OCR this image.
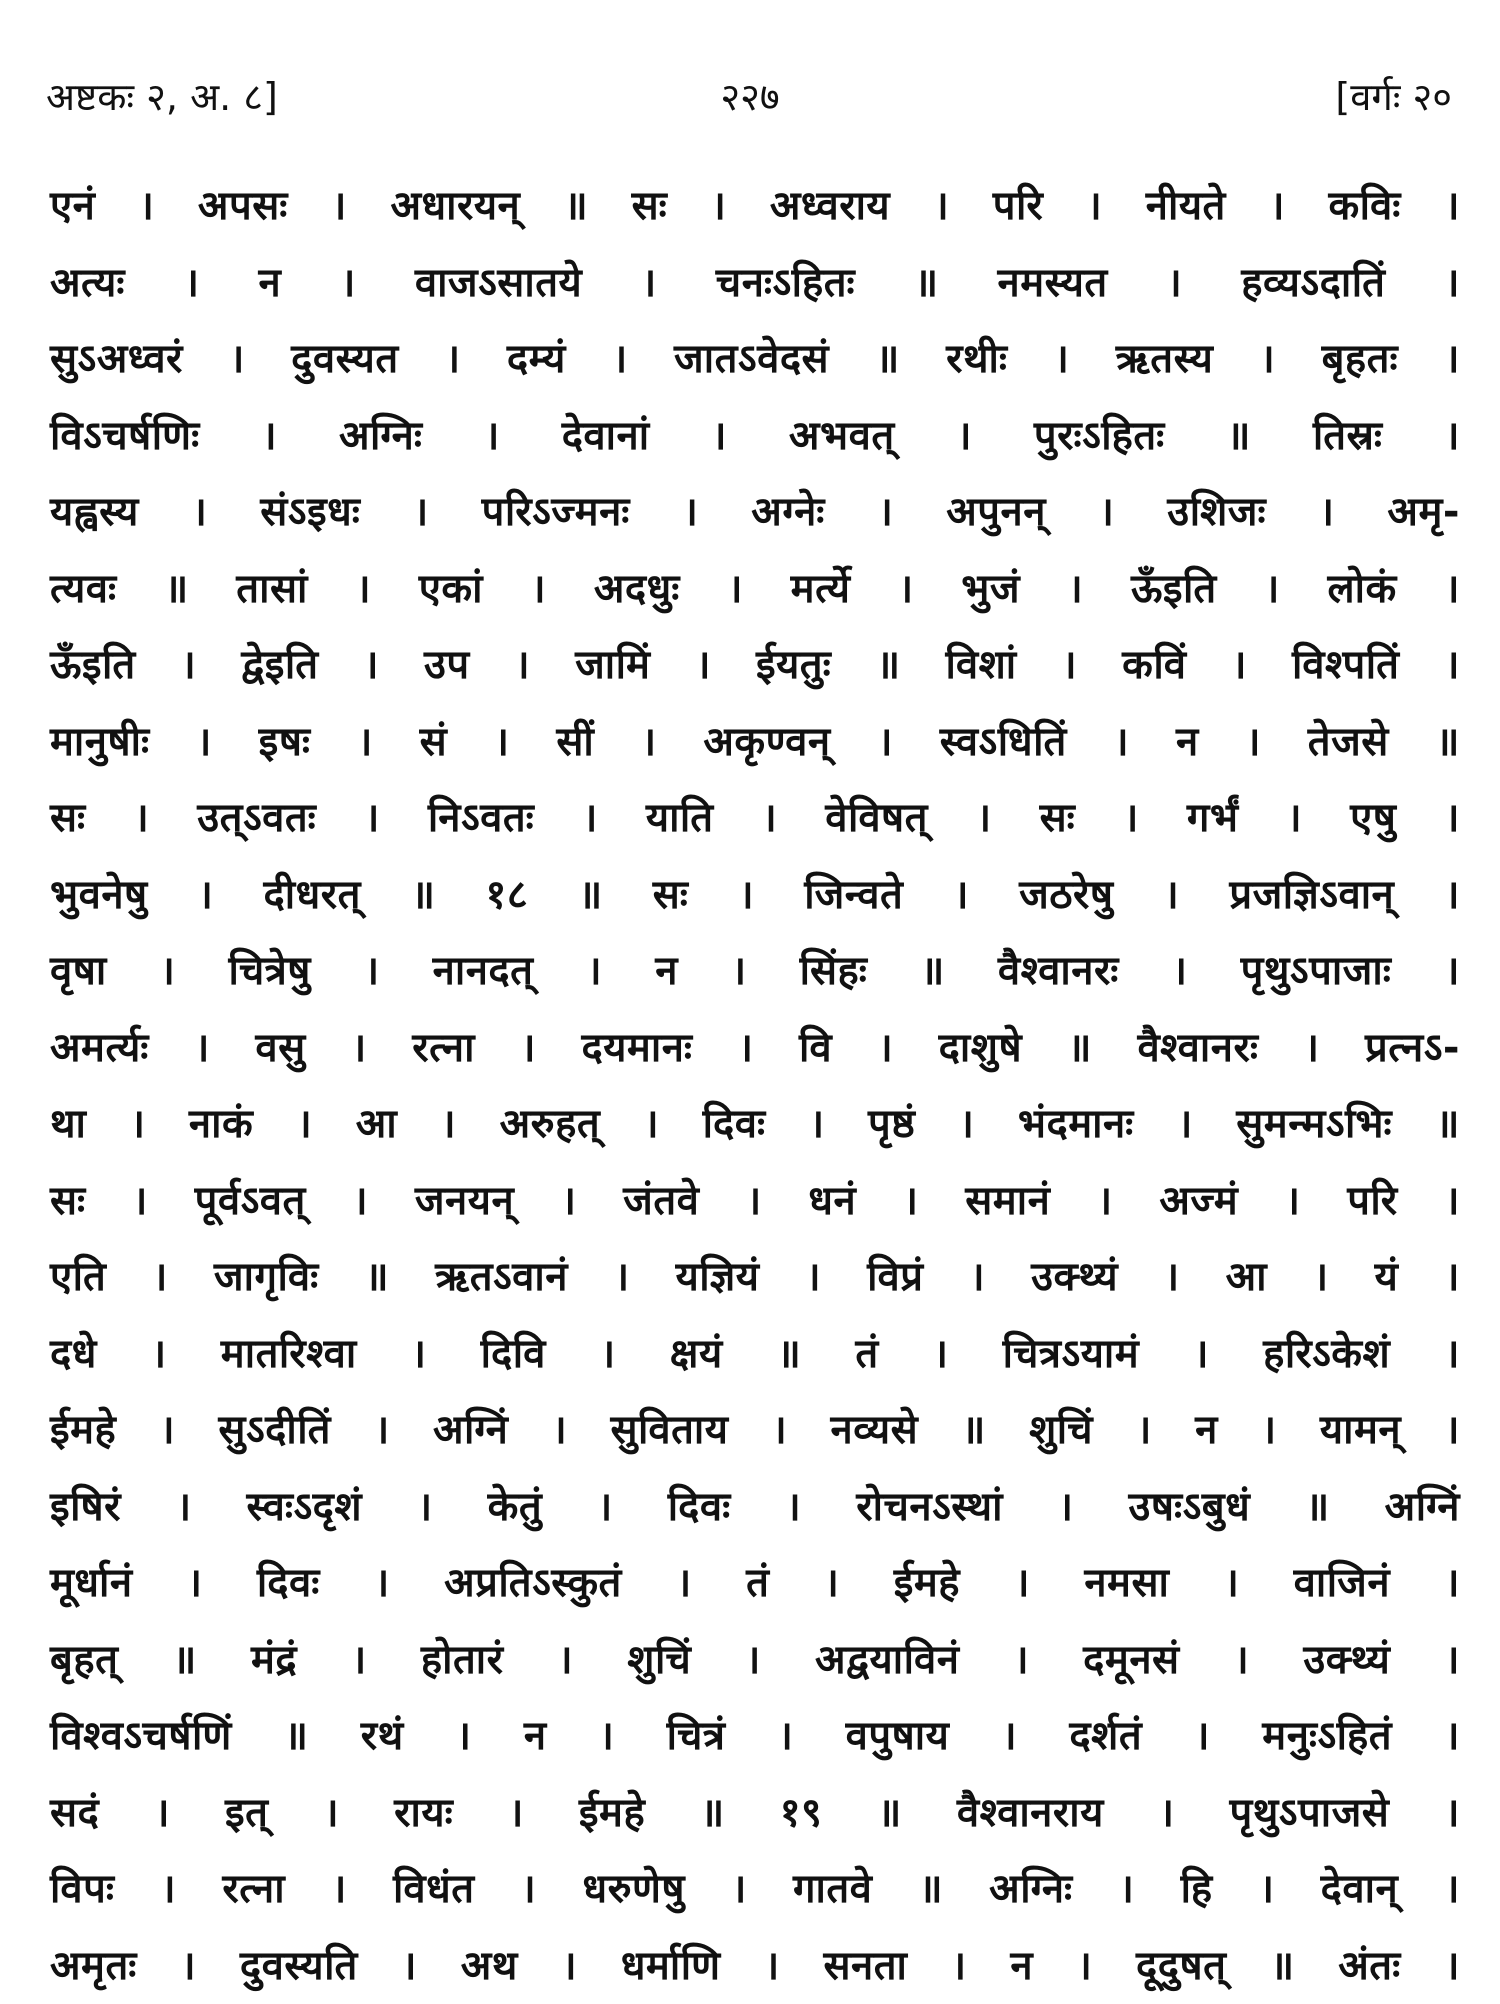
अष्टकः २, अ. ८]	२२७	[वर्गः २०
एनं । अपसः । अधारयन् ॥ सः । अध्वराय । परि । नीयते । कविः ।
अत्यः । न । वाजऽसातये । चनःऽहितः ॥ नमस्यत । हव्यऽदातिं ।
सुऽअध्वरं । दुवस्यत । दम्यं । जातऽवेदसं ॥ रथीः । ऋतस्य । बृहतः ।
विऽचर्षणिः । अग्निः । देवानां । अभवत् । पुरःऽहितः ॥ तिस्रः ।
यह्वस्य । संऽइधः । परिऽज्मनः । अग्नेः । अपुनन् । उशिजः । अमृ-
त्यवः ॥ तासां । एकां । अदधुः । मर्त्ये । भुजं । ऊँइति । लोकं ।
ऊँइति । द्वेइति । उप । जामिं । ईयतुः ॥ विशां । कविं । विश्पतिं ।
मानुषीः । इषः । सं । सीं । अकृण्वन् । स्वऽधितिं । न । तेजसे ॥
सः । उत्ऽवतः । निऽवतः । याति । वेविषत् । सः । गर्भं । एषु ।
भुवनेषु । दीधरत् ॥ १८ ॥ सः । जिन्वते । जठरेषु । प्रजज्ञिऽवान् ।
वृषा । चित्रेषु । नानदत् । न । सिंहः ॥ वैश्वानरः । पृथुऽपाजाः ।
अमर्त्यः । वसु । रत्ना । दयमानः । वि । दाशुषे ॥ वैश्वानरः । प्रत्नऽ-
था । नाकं । आ । अरुहत् । दिवः । पृष्ठं । भंदमानः । सुमन्मऽभिः ॥
सः । पूर्वऽवत् । जनयन् । जंतवे । धनं । समानं । अज्मं । परि ।
एति । जागृविः ॥ ऋतऽवानं । यज्ञियं । विप्रं । उक्थ्यं । आ । यं ।
दधे । मातरिश्वा । दिवि । क्षयं ॥ तं । चित्रऽयामं । हरिऽकेशं ।
ईमहे । सुऽदीतिं । अग्निं । सुविताय । नव्यसे ॥ शुचिं । न । यामन् ।
इषिरं । स्वःऽदृशं । केतुं । दिवः । रोचनऽस्थां । उषःऽबुधं ॥ अग्निं
मूर्धानं । दिवः । अप्रतिऽस्कुतं । तं । ईमहे । नमसा । वाजिनं ।
बृहत् ॥ मंद्रं । होतारं । शुचिं । अद्वयाविनं । दमूनसं । उक्थ्यं ।
विश्वऽचर्षणिं ॥ रथं । न । चित्रं । वपुषाय । दर्शतं । मनुःऽहितं ।
सदं । इत् । रायः । ईमहे ॥ १९ ॥ वैश्वानराय । पृथुऽपाजसे ।
विपः । रत्ना । विधंत । धरुणेषु । गातवे ॥ अग्निः । हि । देवान् ।
अमृतः । दुवस्यति । अथ । धर्माणि । सनता । न । दूदुषत् ॥ अंतः ।
